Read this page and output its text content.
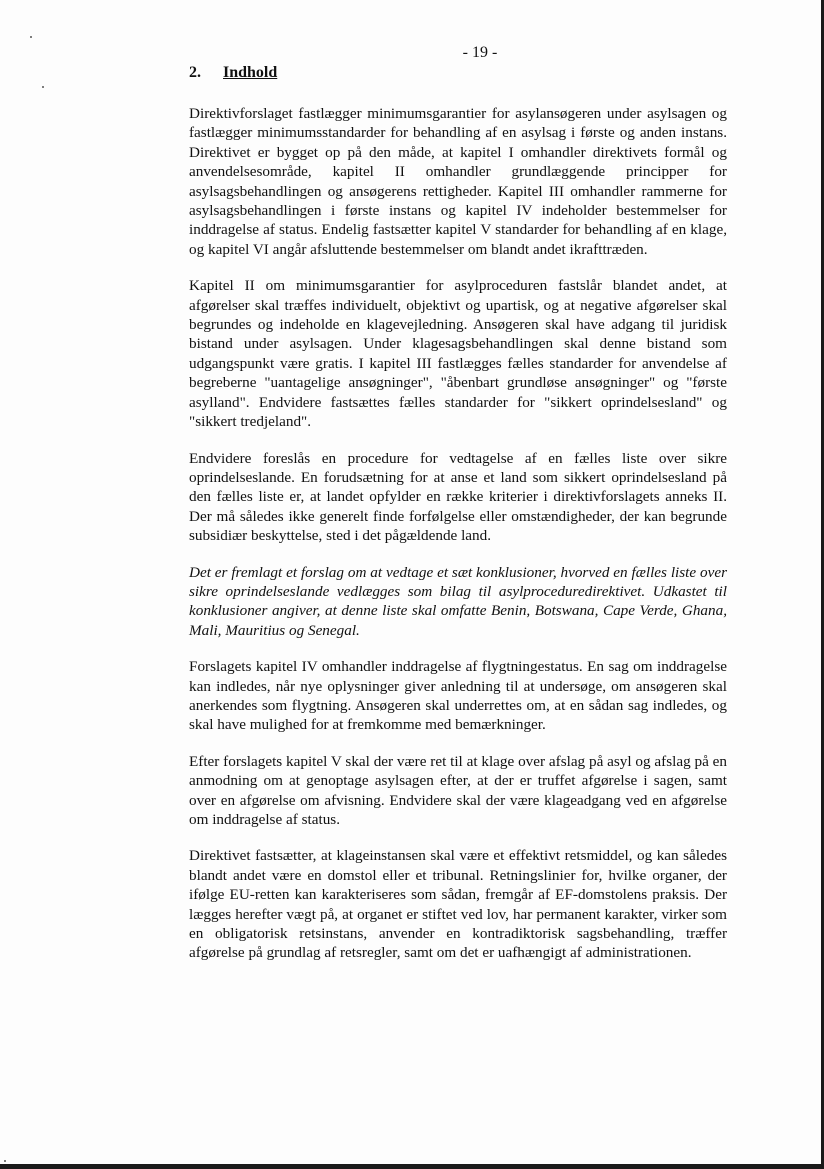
- 19 -
2. Indhold

Direktivforslaget fastlægger minimumsgarantier for asylansøgeren under asylsagen og fastlægger minimumsstandarder for behandling af en asylsag i første og anden instans. Direktivet er bygget op på den måde, at kapitel I omhandler direktivets formål og anvendelsesområde, kapitel II omhandler grundlæggende principper for asylsagsbehandlingen og ansøgerens rettigheder. Kapitel III omhandler rammerne for asylsagsbehandlingen i første instans og kapitel IV indeholder bestemmelser for inddragelse af status. Endelig fastsætter kapitel V standarder for behandling af en klage, og kapitel VI angår afsluttende bestemmelser om blandt andet ikrafttræden.

Kapitel II om minimumsgarantier for asylproceduren fastslår blandet andet, at afgørelser skal træffes individuelt, objektivt og upartisk, og at negative afgørelser skal begrundes og indeholde en klagevejledning. Ansøgeren skal have adgang til juridisk bistand under asylsagen. Under klagesagsbehandlingen skal denne bistand som udgangspunkt være gratis. I kapitel III fastlægges fælles standarder for anvendelse af begreberne "uantagelige ansøgninger", "åbenbart grundløse ansøgninger" og "første asylland". Endvidere fastsættes fælles standarder for "sikkert oprindelsesland" og "sikkert tredjeland".

Endvidere foreslås en procedure for vedtagelse af en fælles liste over sikre oprindelseslande. En forudsætning for at anse et land som sikkert oprindelsesland på den fælles liste er, at landet opfylder en række kriterier i direktivforslagets anneks II. Der må således ikke generelt finde forfølgelse eller omstændigheder, der kan begrunde subsidiær beskyttelse, sted i det pågældende land.

Det er fremlagt et forslag om at vedtage et sæt konklusioner, hvorved en fælles liste over sikre oprindelseslande vedlægges som bilag til asylproceduredirektivet. Udkastet til konklusioner angiver, at denne liste skal omfatte Benin, Botswana, Cape Verde, Ghana, Mali, Mauritius og Senegal.

Forslagets kapitel IV omhandler inddragelse af flygtningestatus. En sag om inddragelse kan indledes, når nye oplysninger giver anledning til at undersøge, om ansøgeren skal anerkendes som flygtning. Ansøgeren skal underrettes om, at en sådan sag indledes, og skal have mulighed for at fremkomme med bemærkninger.

Efter forslagets kapitel V skal der være ret til at klage over afslag på asyl og afslag på en anmodning om at genoptage asylsagen efter, at der er truffet afgørelse i sagen, samt over en afgørelse om afvisning. Endvidere skal der være klageadgang ved en afgørelse om inddragelse af status.

Direktivet fastsætter, at klageinstansen skal være et effektivt retsmiddel, og kan således blandt andet være en domstol eller et tribunal. Retningslinier for, hvilke organer, der ifølge EU-retten kan karakteriseres som sådan, fremgår af EF-domstolens praksis. Der lægges herefter vægt på, at organet er stiftet ved lov, har permanent karakter, virker som en obligatorisk retsinstans, anvender en kontradiktorisk sagsbehandling, træffer afgørelse på grundlag af retsregler, samt om det er uafhængigt af administrationen.
